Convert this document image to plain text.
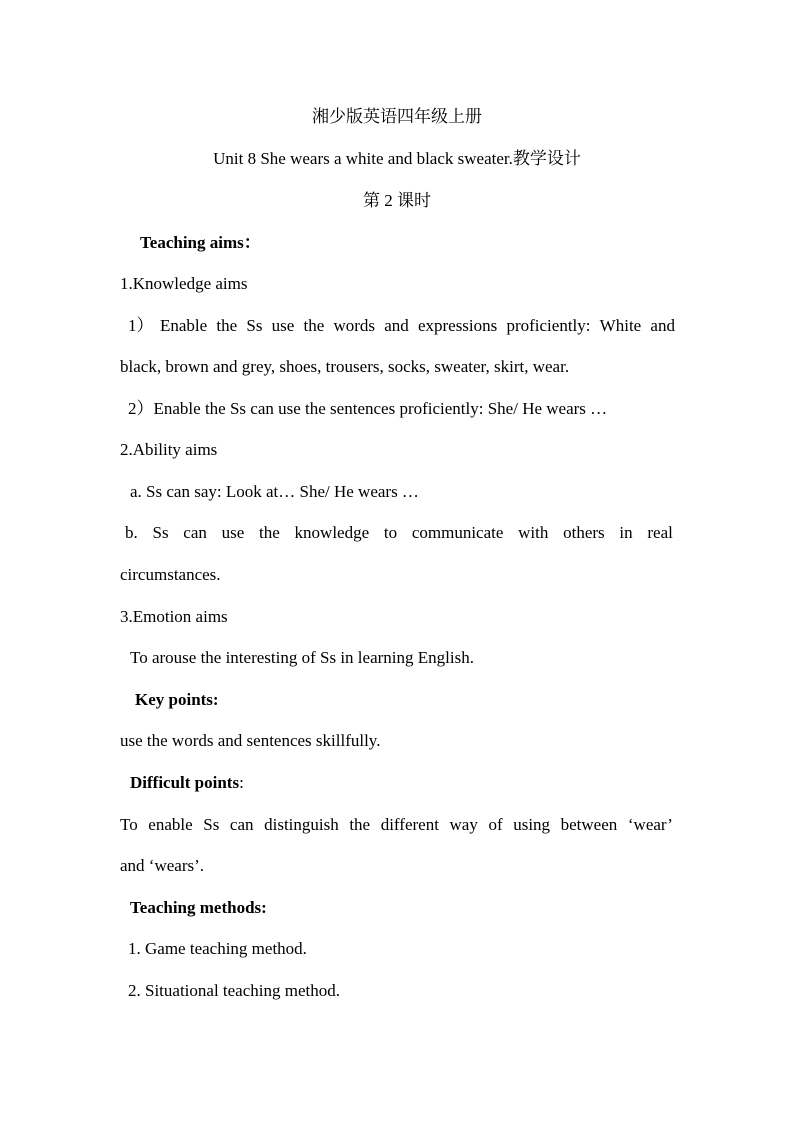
湘少版英语四年级上册
Unit 8 She wears a white and black sweater.教学设计
第 2 课时
Teaching aims：
1.Knowledge aims
1） Enable the Ss use the words and expressions proficiently: White and
black, brown and grey, shoes, trousers, socks, sweater, skirt, wear.
2）Enable the Ss can use the sentences proficiently: She/ He wears …
2.Ability aims
a. Ss can say: Look at… She/ He wears …
b. Ss can use the knowledge to communicate with others in real
circumstances.
3.Emotion aims
To arouse the interesting of Ss in learning English.
Key points:
use the words and sentences skillfully.
Difficult points:
To enable Ss can distinguish the different way of using between ‘wear’
and ‘wears’.
Teaching methods:
1. Game teaching method.
2. Situational teaching method.
